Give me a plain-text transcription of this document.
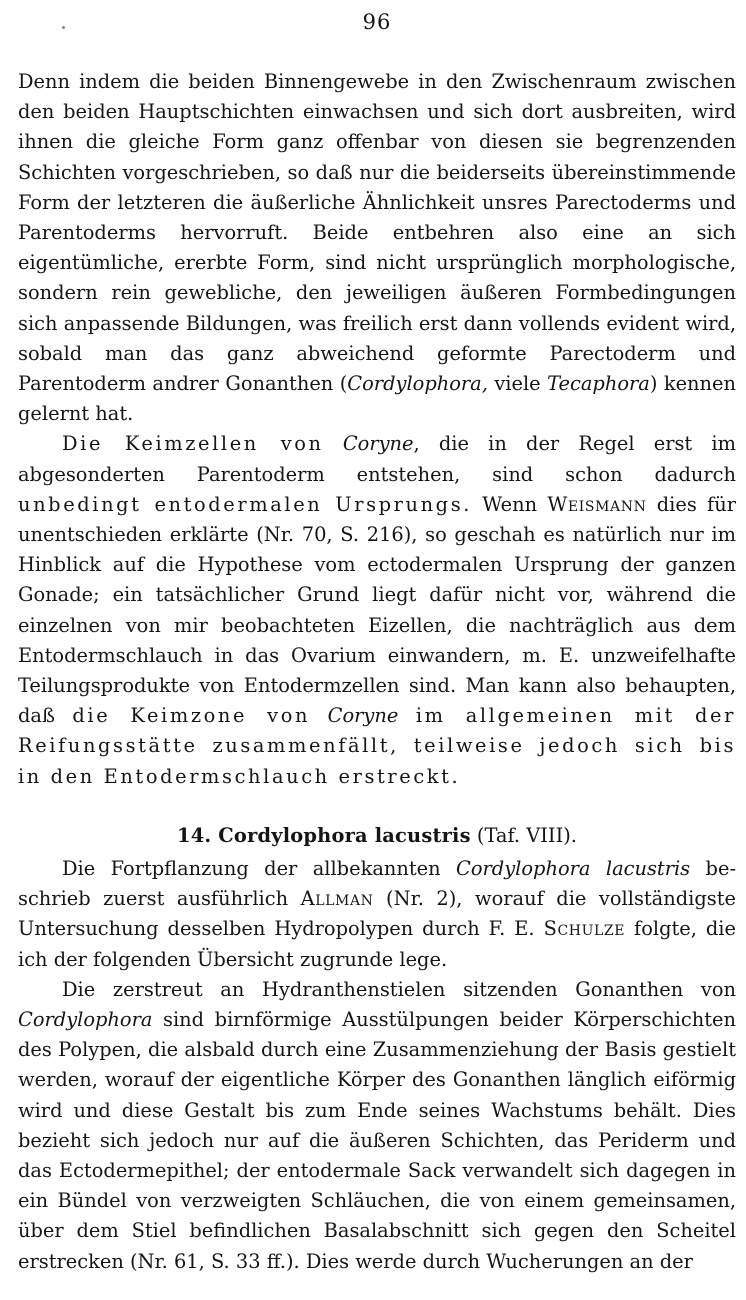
96

Denn indem die beiden Binnengewebe in den Zwischenraum zwischen den beiden Hauptschichten einwachsen und sich dort ausbreiten, wird ihnen die gleiche Form ganz offenbar von diesen sie begrenzenden Schichten vorgeschrieben, so daß nur die beiderseits übereinstimmende Form der letzteren die äußerliche Ähnlichkeit unsres Parectoderms und Parentoderms hervorruft. Beide entbehren also eine an sich eigentümliche, ererbte Form, sind nicht ursprünglich morphologische, sondern rein gewebliche, den jeweiligen äußeren Formbedingungen sich anpassende Bildungen, was freilich erst dann vollends evident wird, sobald man das ganz abweichend geformte Parectoderm und Parentoderm andrer Gonanthen (Cordylophora, viele Tecaphora) kennen gelernt hat.

Die Keimzellen von Coryne, die in der Regel erst im abgesonderten Parentoderm entstehen, sind schon dadurch unbedingt entodermalen Ursprungs. Wenn Weismann dies für unentschieden erklärte (Nr. 70, S. 216), so geschah es natürlich nur im Hinblick auf die Hypothese vom ectodermalen Ursprung der ganzen Gonade; ein tatsächlicher Grund liegt dafür nicht vor, während die einzelnen von mir beobachteten Eizellen, die nachträglich aus dem Entodermschlauch in das Ovarium einwandern, m. E. unzweifelhafte Teilungsprodukte von Entodermzellen sind. Man kann also behaupten, daß die Keimzone von Coryne im allgemeinen mit der Reifungsstätte zusammenfällt, teilweise jedoch sich bis in den Entodermschlauch erstreckt.

14. Cordylophora lacustris (Taf. VIII).

Die Fortpflanzung der allbekannten Cordylophora lacustris beschrieb zuerst ausführlich Allman (Nr. 2), worauf die vollständigste Untersuchung desselben Hydropolypen durch F. E. Schulze folgte, die ich der folgenden Übersicht zugrunde lege.

Die zerstreut an Hydranthenstielen sitzenden Gonanthen von Cordylophora sind birnförmige Ausstülpungen beider Körperschichten des Polypen, die alsbald durch eine Zusammenziehung der Basis gestielt werden, worauf der eigentliche Körper des Gonanthen länglich eiförmig wird und diese Gestalt bis zum Ende seines Wachstums behält. Dies bezieht sich jedoch nur auf die äußeren Schichten, das Periderm und das Ectodermepithel; der entodermale Sack verwandelt sich dagegen in ein Bündel von verzweigten Schläuchen, die von einem gemeinsamen, über dem Stiel befindlichen Basalabschnitt sich gegen den Scheitel erstrecken (Nr. 61, S. 33 ff.). Dies werde durch Wucherungen an der
